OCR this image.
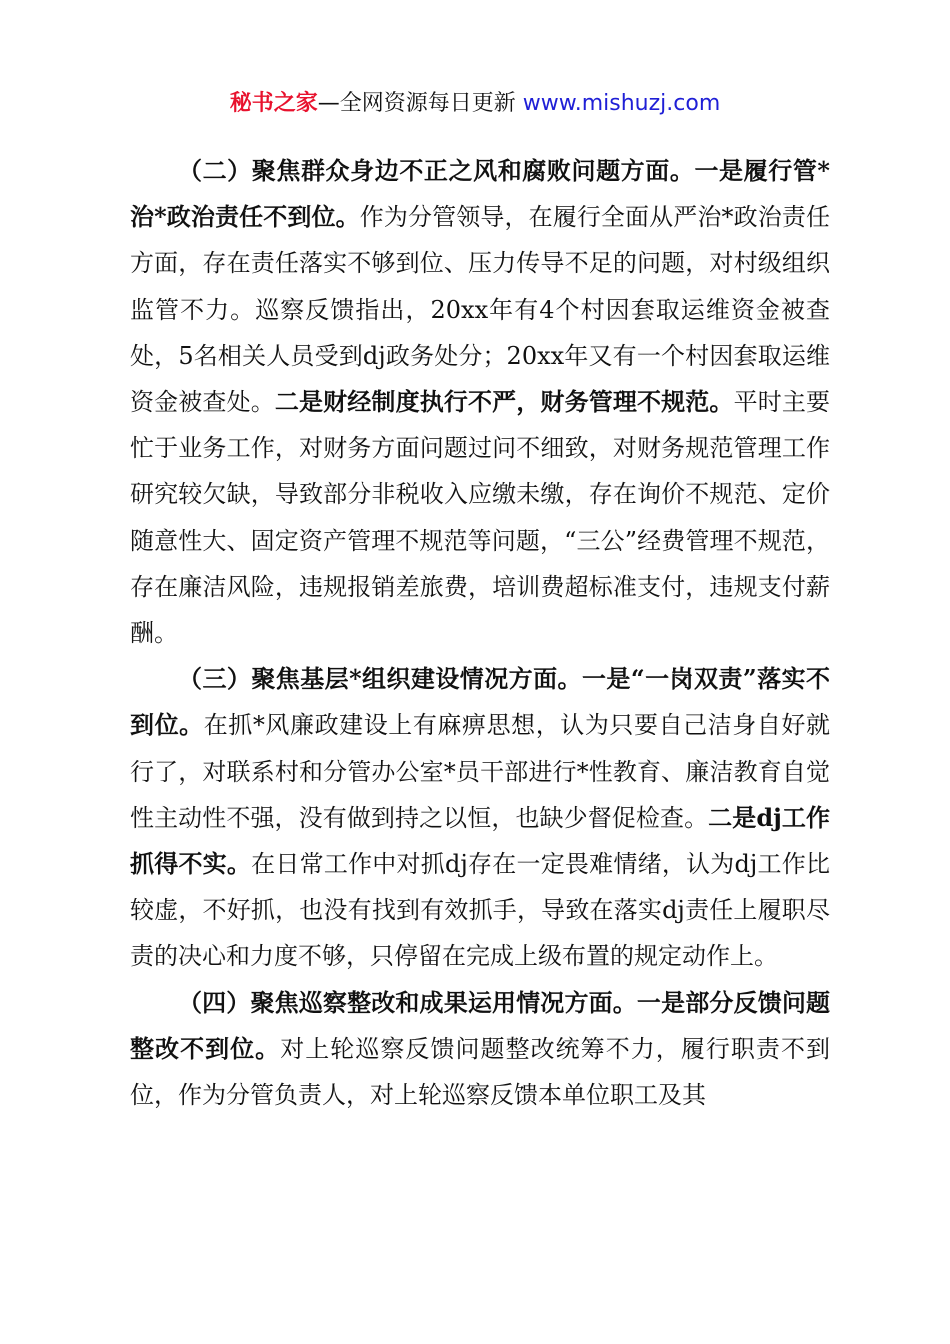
秘书之家—全网资源每日更新 www.mishuzj.com

（二）聚焦群众身边不正之风和腐败问题方面。一是履行管*治*政治责任不到位。作为分管领导，在履行全面从严治*政治责任方面，存在责任落实不够到位、压力传导不足的问题，对村级组织监管不力。巡察反馈指出，20xx年有4个村因套取运维资金被查处，5名相关人员受到dj政务处分；20xx年又有一个村因套取运维资金被查处。二是财经制度执行不严，财务管理不规范。平时主要忙于业务工作，对财务方面问题过问不细致，对财务规范管理工作研究较欠缺，导致部分非税收入应缴未缴，存在询价不规范、定价随意性大、固定资产管理不规范等问题，“三公”经费管理不规范，存在廉洁风险，违规报销差旅费，培训费超标准支付，违规支付薪酬。

（三）聚焦基层*组织建设情况方面。一是“一岗双责”落实不到位。在抓*风廉政建设上有麻痹思想，认为只要自己洁身自好就行了，对联系村和分管办公室*员干部进行*性教育、廉洁教育自觉性主动性不强，没有做到持之以恒，也缺少督促检查。二是dj工作抓得不实。在日常工作中对抓dj存在一定畏难情绪，认为dj工作比较虚，不好抓，也没有找到有效抓手，导致在落实dj责任上履职尽责的决心和力度不够，只停留在完成上级布置的规定动作上。

（四）聚焦巡察整改和成果运用情况方面。一是部分反馈问题整改不到位。对上轮巡察反馈问题整改统筹不力，履行职责不到位，作为分管负责人，对上轮巡察反馈本单位职工及其
